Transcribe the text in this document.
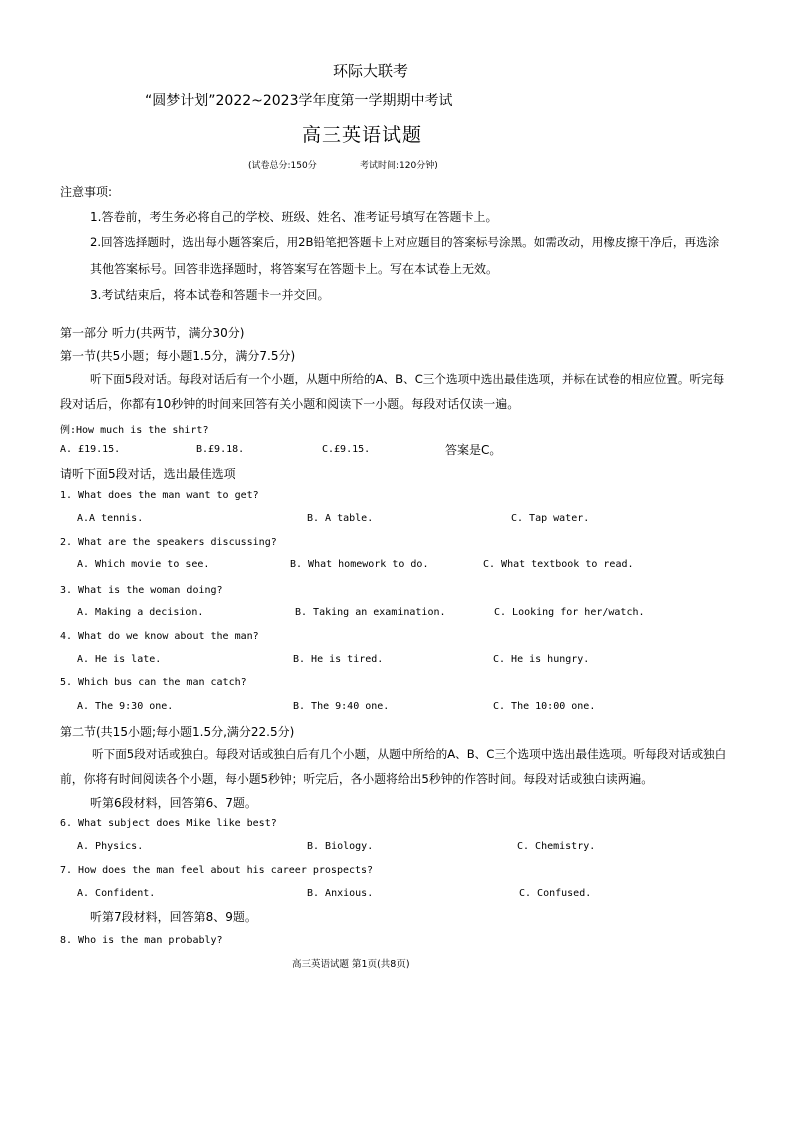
环际大联考
“圆梦计划”2022~2023学年度第一学期期中考试
高三英语试题
(试卷总分:150分	考试时间:120分钟)
注意事项:
1.答卷前，考生务必将自己的学校、班级、姓名、准考证号填写在答题卡上。
2.回答选择题时，选出每小题答案后，用2B铅笔把答题卡上对应题目的答案标号涂黑。如需改动，用橡皮擦干净后，再选涂
其他答案标号。回答非选择题时，将答案写在答题卡上。写在本试卷上无效。
3.考试结束后，将本试卷和答题卡一并交回。
第一部分 听力(共两节，满分30分)
第一节(共5小题；每小题1.5分，满分7.5分)
听下面5段对话。每段对话后有一个小题，从题中所给的A、B、C三个选项中选出最佳选项，并标在试卷的相应位置。听完每
段对话后，你都有10秒钟的时间来回答有关小题和阅读下一小题。每段对话仅读一遍。
例:How much is the shirt?
A. £19.15.	B.£9.18.	C.£9.15.	答案是C。
请听下面5段对话，选出最佳选项
1. What does the man want to get?
A.A tennis.	B. A table.	C. Tap water.
2. What are the speakers discussing?
A. Which movie to see.	B. What homework to do.	C. What textbook to read.
3. What is the woman doing?
A. Making a decision.	B. Taking an examination.	C. Looking for her/watch.
4. What do we know about the man?
A. He is late.	B. He is tired.	C. He is hungry.
5. Which bus can the man catch?
A. The 9:30 one.	B. The 9:40 one.	C. The 10:00 one.
第二节(共15小题;每小题1.5分,满分22.5分)
听下面5段对话或独白。每段对话或独白后有几个小题，从题中所给的A、B、C三个选项中选出最佳选项。听每段对话或独白
前，你将有时间阅读各个小题，每小题5秒钟；听完后，各小题将给出5秒钟的作答时间。每段对话或独白读两遍。
听第6段材料，回答第6、7题。
6. What subject does Mike like best?
A. Physics.	B. Biology.	C. Chemistry.
7. How does the man feel about his career prospects?
A. Confident.	B. Anxious.	C. Confused.
听第7段材料，回答第8、9题。
8. Who is the man probably?
高三英语试题 第1页(共8页)
